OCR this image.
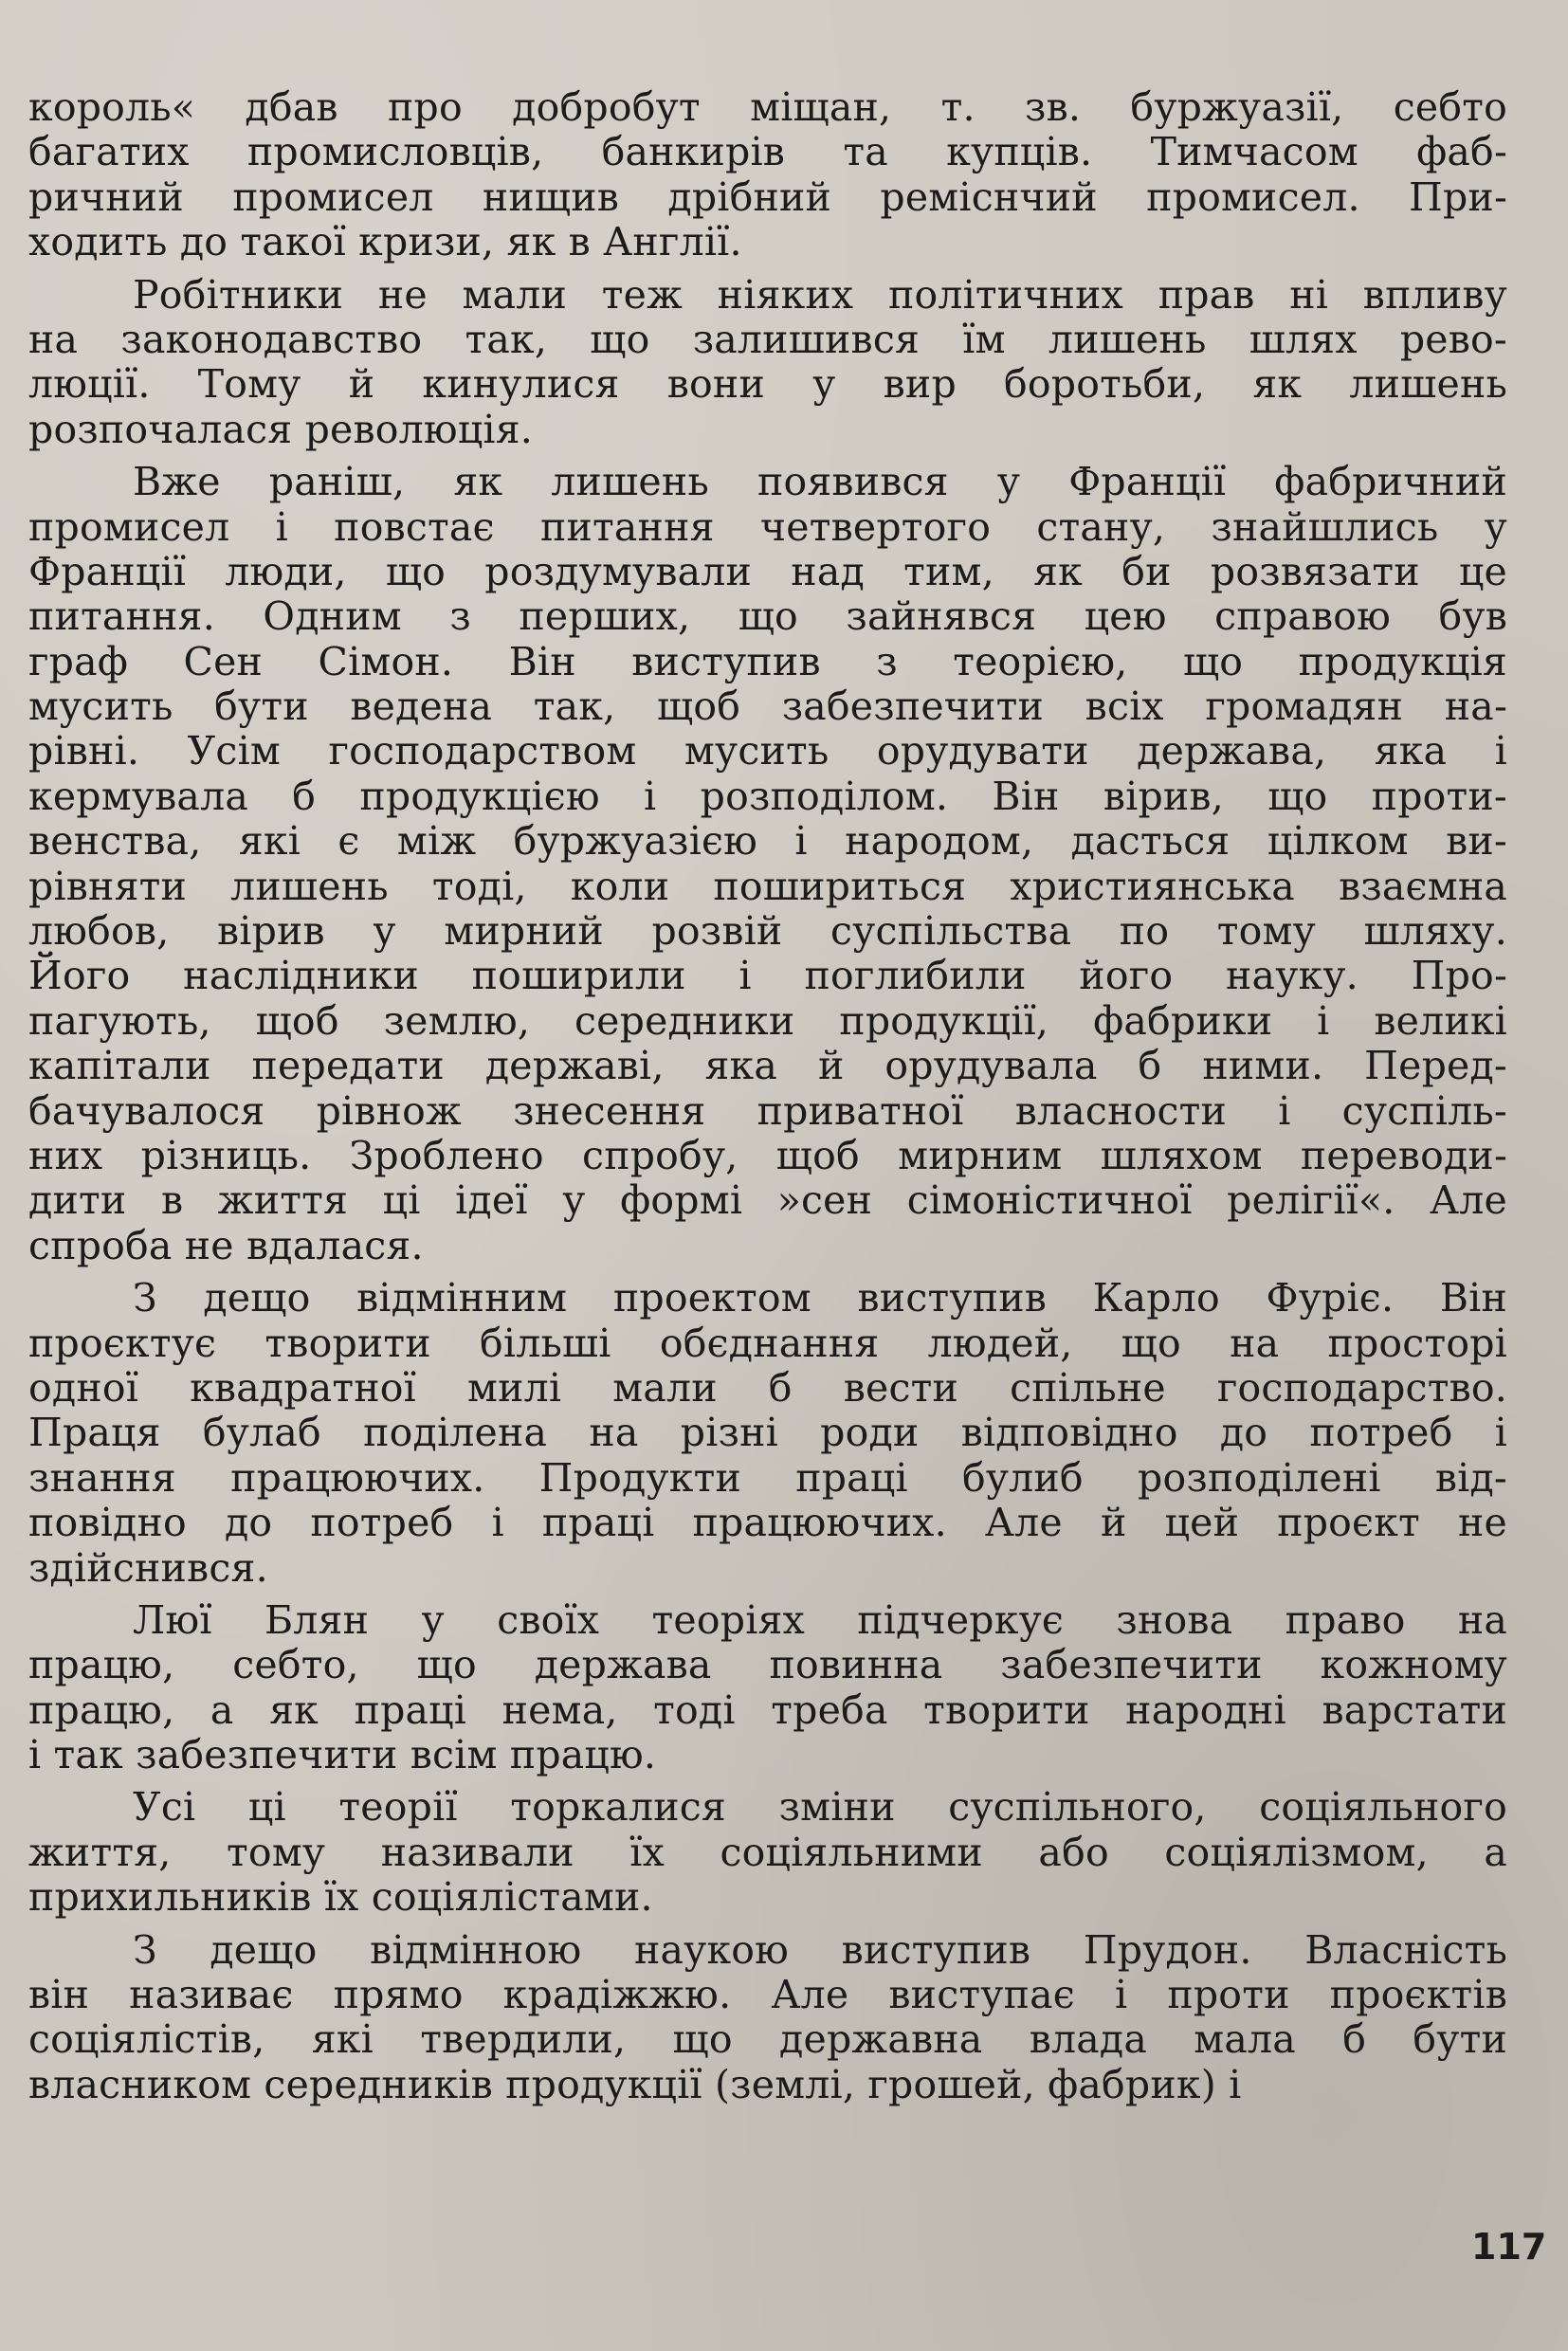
король« дбав про добробут міщан, т. зв. буржуазії, себто
багатих промисловців, банкирів та купців. Тимчасом фаб-
ричний промисел нищив дрібний реміснчий промисел. При-
ходить до такої кризи, як в Англії.
Робітники не мали теж ніяких політичних прав ні впливу
на законодавство так, що залишився їм лишень шлях рево-
люції. Тому й кинулися вони у вир боротьби, як лишень
розпочалася революція.
Вже раніш, як лишень появився у Франції фабричний
промисел і повстає питання четвертого стану, знайшлись у
Франції люди, що роздумували над тим, як би розвязати це
питання. Одним з перших, що зайнявся цею справою був
граф Сен Сімон. Він виступив з теорією, що продукція
мусить бути ведена так, щоб забезпечити всіх громадян на-
рівні. Усім господарством мусить орудувати держава, яка і
кермувала б продукцією і розподілом. Він вірив, що проти-
венства, які є між буржуазією і народом, дасться цілком ви-
рівняти лишень тоді, коли пошириться християнська взаємна
любов, вірив у мирний розвій суспільства по тому шляху.
Його наслідники поширили і поглибили його науку. Про-
пагують, щоб землю, середники продукції, фабрики і великі
капітали передати державі, яка й орудувала б ними. Перед-
бачувалося рівнож знесення приватної власности і суспіль-
них різниць. Зроблено спробу, щоб мирним шляхом переводи-
дити в життя ці ідеї у формі »сен сімоністичної релігії«. Але
спроба не вдалася.
З дещо відмінним проектом виступив Карло Фуріє. Він
проєктує творити більші обєднання людей, що на просторі
одної квадратної милі мали б вести спільне господарство.
Праця булаб поділена на різні роди відповідно до потреб і
знання працюючих. Продукти праці булиб розподілені від-
повідно до потреб і праці працюючих. Але й цей проєкт не
здійснився.
Люї Блян у своїх теоріях підчеркує знова право на
працю, себто, що держава повинна забезпечити кожному
працю, а як праці нема, тоді треба творити народні варстати
і так забезпечити всім працю.
Усі ці теорії торкалися зміни суспільного, соціяльного
життя, тому називали їх соціяльними або соціялізмом, а
прихильників їх соціялістами.
З дещо відмінною наукою виступив Прудон. Власність
він називає прямо крадіжжю. Але виступає і проти проєктів
соціялістів, які твердили, що державна влада мала б бути
власником середників продукції (землі, грошей, фабрик) і
117
